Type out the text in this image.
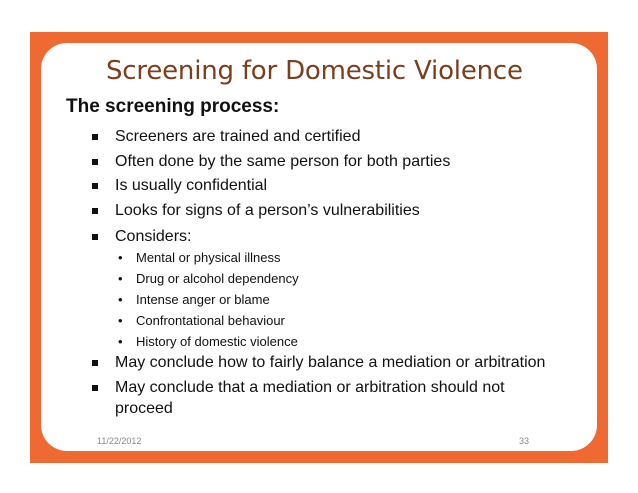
Screening for Domestic Violence
The screening process:
Screeners are trained and certified
Often done by the same person for both parties
Is usually confidential
Looks for signs of a person’s vulnerabilities
Considers:
• Mental or physical illness
• Drug or alcohol dependency
• Intense anger or blame
• Confrontational behaviour
• History of domestic violence
May conclude how to fairly balance a mediation or arbitration
May conclude that a mediation or arbitration should not
proceed
11/22/2012	33
